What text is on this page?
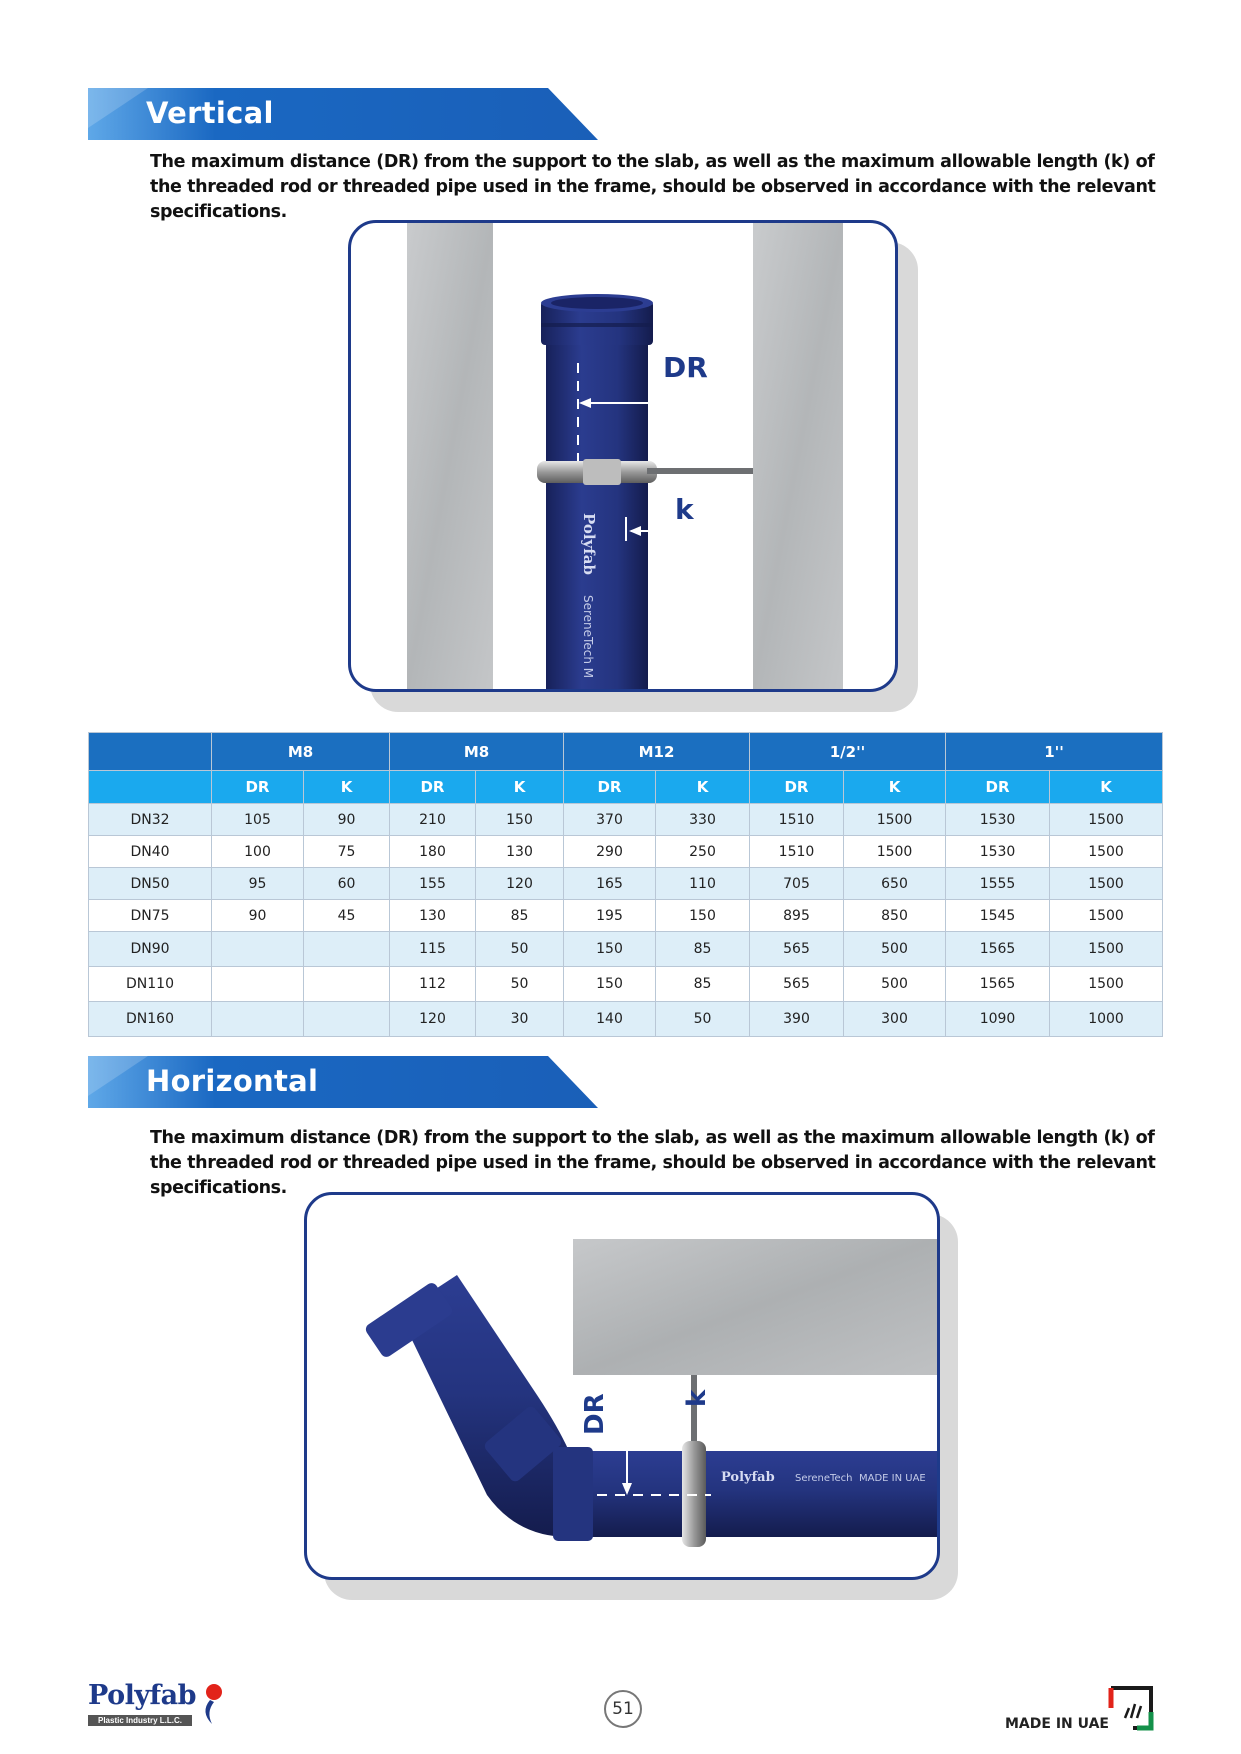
Vertical
The maximum distance (DR) from the support to the slab, as well as the maximum allowable length (k) of the threaded rod or threaded pipe used in the frame, should be observed in accordance with the relevant specifications.
DR
k
Polyfab
SereneTech M
	M8		M8		M12		1/2''		1''	
	DR	K	DR	K	DR	K	DR	K	DR	K
DN32	105	90	210	150	370	330	1510	1500	1530	1500
DN40	100	75	180	130	290	250	1510	1500	1530	1500
DN50	95	60	155	120	165	110	705	650	1555	1500
DN75	90	45	130	85	195	150	895	850	1545	1500
DN90			115	50	150	85	565	500	1565	1500
DN110			112	50	150	85	565	500	1565	1500
DN160			120	30	140	50	390	300	1090	1000
Horizontal
The maximum distance (DR) from the support to the slab, as well as the maximum allowable length (k) of the threaded rod or threaded pipe used in the frame, should be observed in accordance with the relevant specifications.
DR	k
Polyfab SereneTech MADE IN UAE
Polyfab
Plastic Industry L.L.C.
51
MADE IN UAE
